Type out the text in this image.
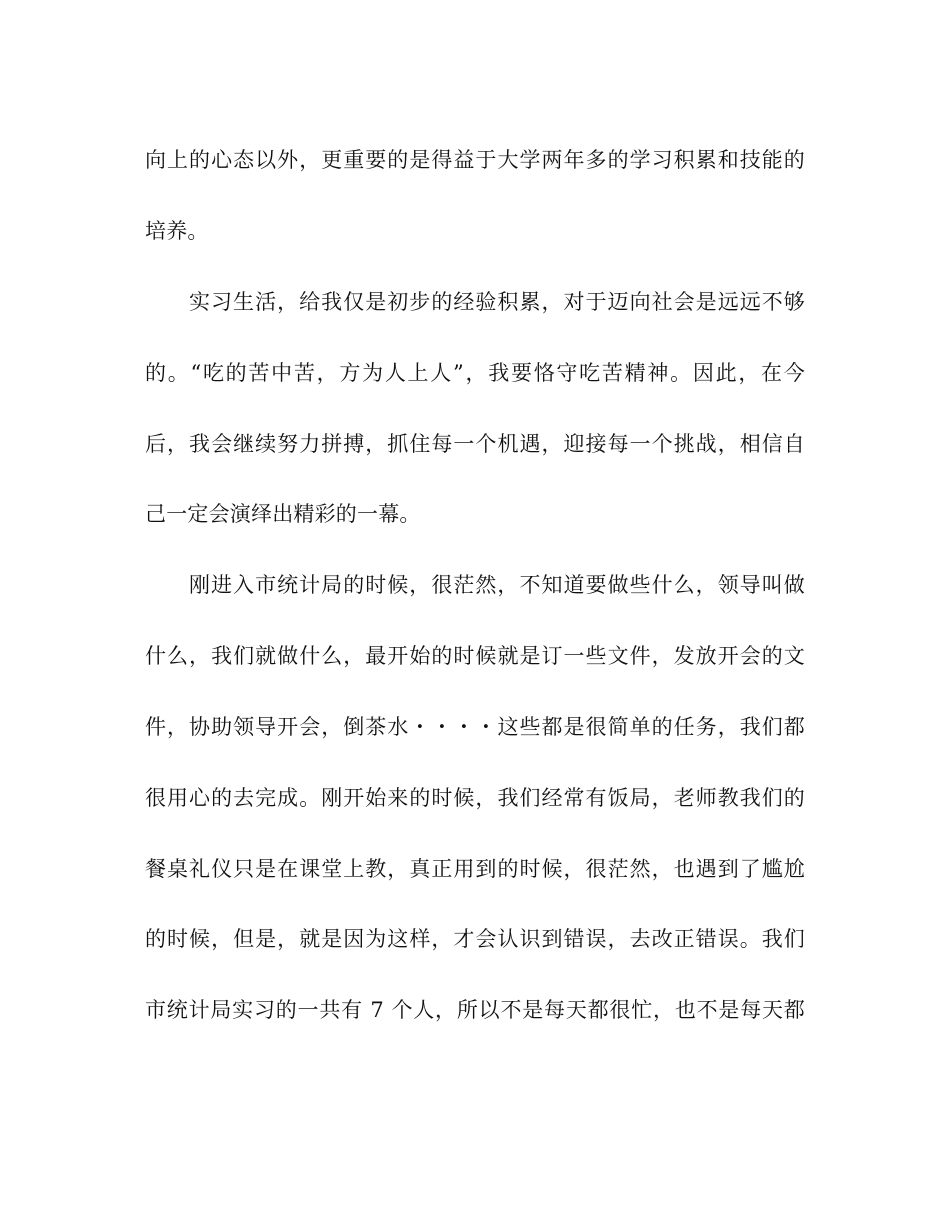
向上的心态以外，更重要的是得益于大学两年多的学习积累和技能的
培养。
实习生活，给我仅是初步的经验积累，对于迈向社会是远远不够
的。“吃的苦中苦，方为人上人”，我要恪守吃苦精神。因此，在今
后，我会继续努力拼搏，抓住每一个机遇，迎接每一个挑战，相信自
己一定会演绎出精彩的一幕。
刚进入市统计局的时候，很茫然，不知道要做些什么，领导叫做
什么，我们就做什么，最开始的时候就是订一些文件，发放开会的文
件，协助领导开会，倒茶水・・・・这些都是很简单的任务，我们都
很用心的去完成。刚开始来的时候，我们经常有饭局，老师教我们的
餐桌礼仪只是在课堂上教，真正用到的时候，很茫然，也遇到了尴尬
的时候，但是，就是因为这样，才会认识到错误，去改正错误。我们
市统计局实习的一共有 7 个人，所以不是每天都很忙，也不是每天都
